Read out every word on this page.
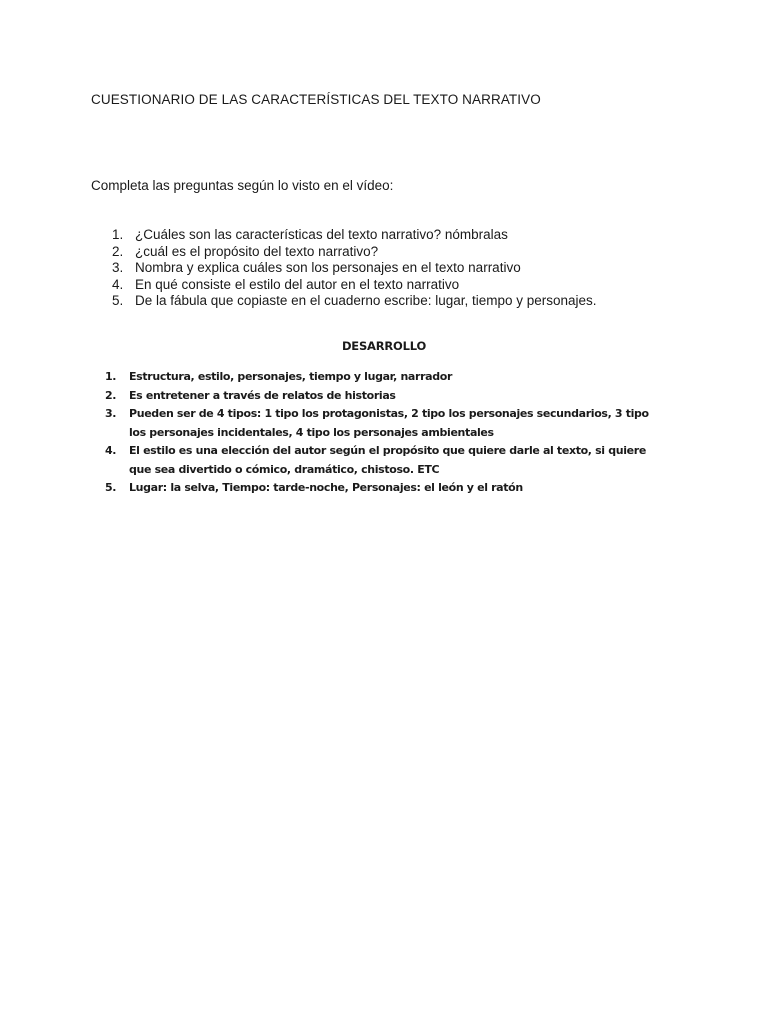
CUESTIONARIO DE LAS CARACTERÍSTICAS DEL TEXTO NARRATIVO
Completa las preguntas según lo visto en el vídeo:
1. ¿Cuáles son las características del texto narrativo? nómbralas
2. ¿cuál es el propósito del texto narrativo?
3. Nombra y explica cuáles son los personajes en el texto narrativo
4. En qué consiste el estilo del autor en el texto narrativo
5. De la fábula que copiaste en el cuaderno escribe: lugar, tiempo y personajes.
DESARROLLO
1.	Estructura, estilo, personajes, tiempo y lugar, narrador
2.	Es entretener a través de relatos de historias
3.	Pueden ser de 4 tipos: 1 tipo los protagonistas, 2 tipo los personajes secundarios, 3 tipo los personajes incidentales, 4 tipo los personajes ambientales
4.	El estilo es una elección del autor según el propósito que quiere darle al texto, si quiere que sea divertido o cómico, dramático, chistoso. ETC
5.	Lugar: la selva, Tiempo: tarde-noche, Personajes: el león y el ratón
